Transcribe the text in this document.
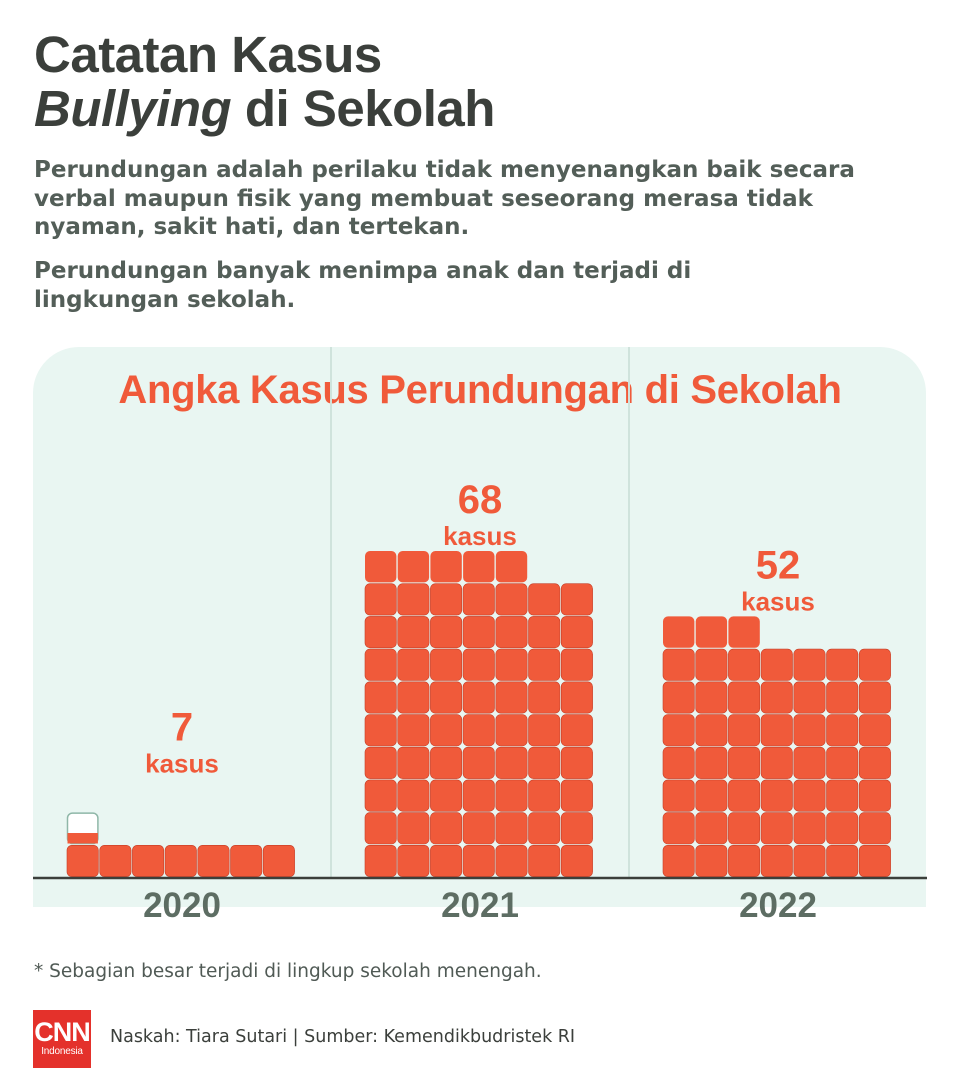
Catatan Kasus
Bullying di Sekolah

Perundungan adalah perilaku tidak menyenangkan baik secara verbal maupun fisik yang membuat seseorang merasa tidak nyaman, sakit hati, dan tertekan.

Perundungan banyak menimpa anak dan terjadi di lingkungan sekolah.

Angka Kasus Perundungan di Sekolah
7
kasus
2020
68
kasus
2021
52
kasus
2022

* Sebagian besar terjadi di lingkup sekolah menengah.

CNN
Indonesia

Naskah: Tiara Sutari | Sumber: Kemendikbudristek RI
